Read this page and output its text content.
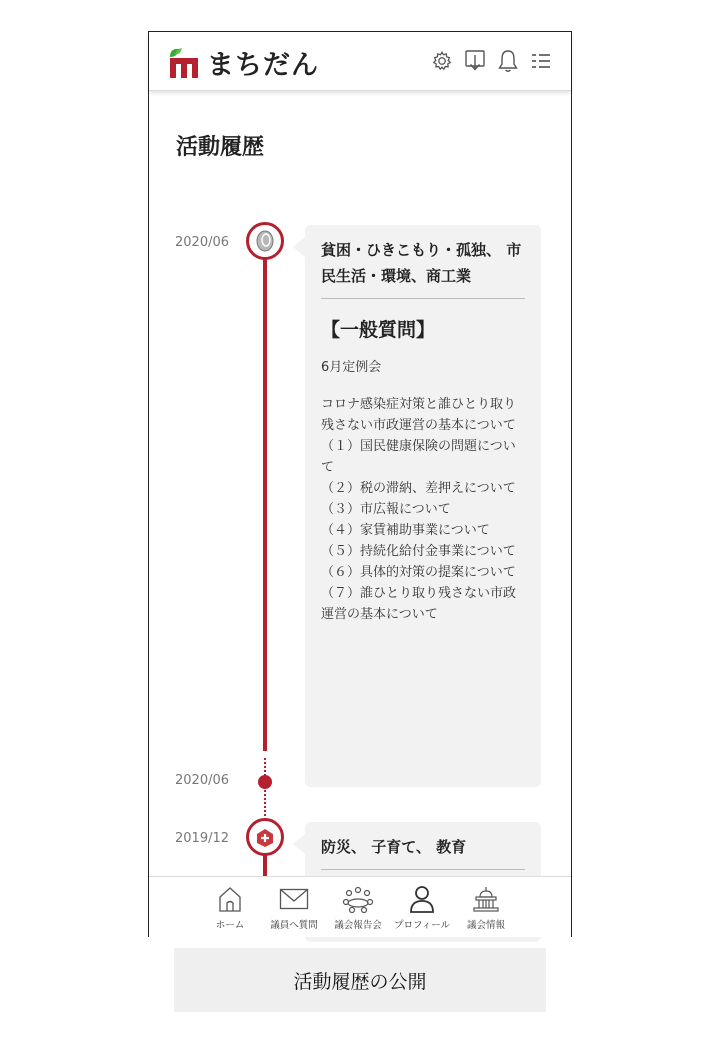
まちだん
活動履歴
2020/06	貧困・ひきこもり・孤独、 市民生活・環境、商工業
【一般質問】
6月定例会
コロナ感染症対策と誰ひとり取り残さない市政運営の基本について
（１）国民健康保険の問題について
（２）税の滞納、差押えについて
（３）市広報について
（４）家賃補助事業について
（５）持続化給付金事業について
（６）具体的対策の提案について
（７）誰ひとり取り残さない市政運営の基本について
2020/06
2019/12	防災、 子育て、 教育
ホーム	議員へ質問	議会報告会	プロフィール	議会情報
活動履歴の公開
